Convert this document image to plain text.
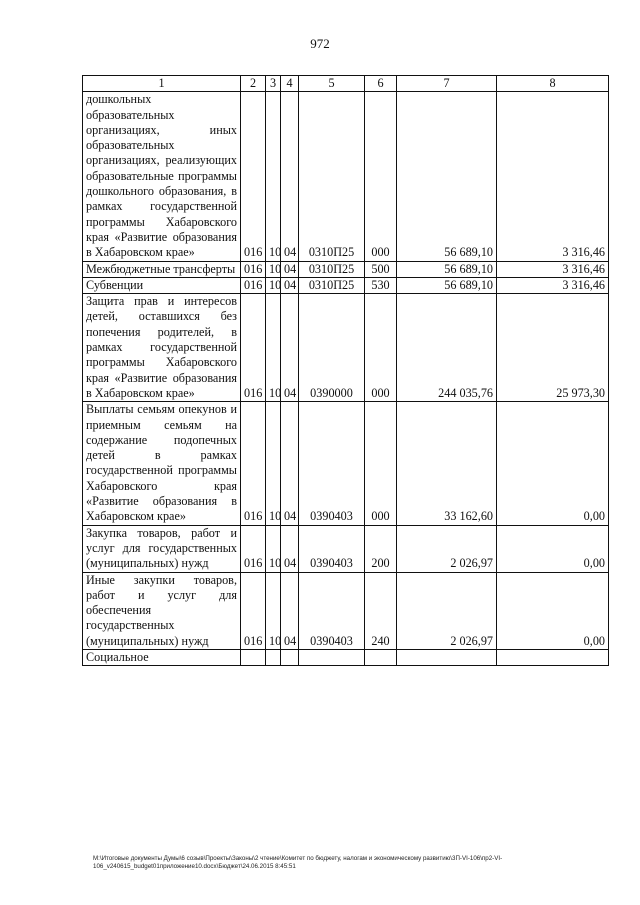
972
1	2	3	4	5	6	7	8
дошкольных образовательных организациях, иных образовательных организациях, реализующих образовательные программы дошкольного образования, в рамках государственной программы Хабаровского края «Развитие образования в Хабаровском крае»	016	10	04	0310П25	000	56 689,10	3 316,46
Межбюджетные трансферты	016	10	04	0310П25	500	56 689,10	3 316,46
Субвенции	016	10	04	0310П25	530	56 689,10	3 316,46
Защита прав и интересов детей, оставшихся без попечения родителей, в рамках государственной программы Хабаровского края «Развитие образования в Хабаровском крае»	016	10	04	0390000	000	244 035,76	25 973,30
Выплаты семьям опекунов и приемным семьям на содержание подопечных детей в рамках государственной программы Хабаровского края «Развитие образования в Хабаровском крае»	016	10	04	0390403	000	33 162,60	0,00
Закупка товаров, работ и услуг для государственных (муниципальных) нужд	016	10	04	0390403	200	2 026,97	0,00
Иные закупки товаров, работ и услуг для обеспечения государственных (муниципальных) нужд	016	10	04	0390403	240	2 026,97	0,00
Социальное							
M:\Итоговые документы Думы\6 созыв\Проекты\Законы\2 чтение\Комитет по бюджету, налогам и экономическому развитию\3П-VI-106\пр2-VI-106_v240615_budget01приложение10.docx\Бюджет\24.06.2015 8:45:51
